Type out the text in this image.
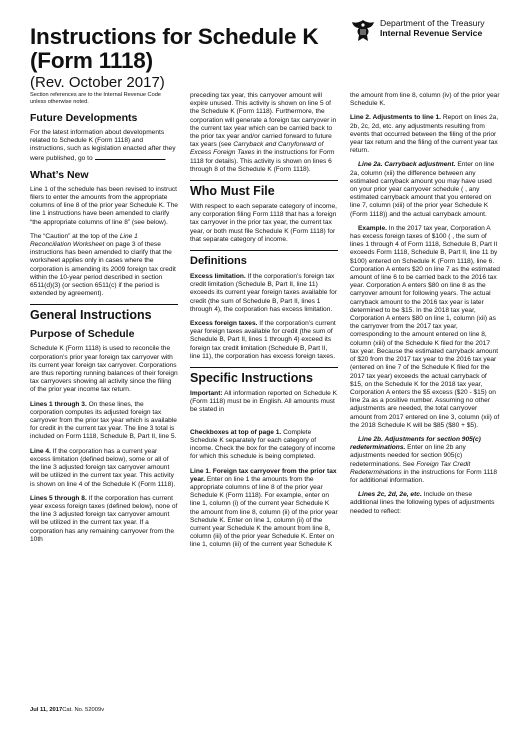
Instructions for Schedule K
(Form 1118)
(Rev. October 2017)
Department of the Treasury
Internal Revenue Service

Section references are to the Internal Revenue Code unless otherwise noted.

Future Developments

For the latest information about developments related to Schedule K (Form 1118) and instructions, such as legislation enacted after they were published, go to	.

What’s New

Line 1 of the schedule has been revised to instruct filers to enter the amounts from the appropriate columns of line 8 of the prior year Schedule K. The line 1 instructions have been amended to clarify “the appropriate columns of line 8” (see below).

The “Caution” at the top of the Line 1 Reconciliation Worksheet on page 3 of these instructions has been amended to clarify that the worksheet applies only in cases where the corporation is amending its 2009 foreign tax credit within the 10-year period described in section 6511(d)(3) (or section 6511(c) if the period is extended by agreement).

General Instructions
Purpose of Schedule

Schedule K (Form 1118) is used to reconcile the corporation’s prior year foreign tax carryover with its current year foreign tax carryover. Corporations are thus reporting running balances of their foreign tax carryovers showing all activity since the filing of the prior year income tax return.

Lines 1 through 3. On these lines, the corporation computes its adjusted foreign tax carryover from the prior tax year which is available for credit in the current tax year. The line 3 total is included on Form 1118, Schedule B, Part II, line 5.

Line 4. If the corporation has a current year excess limitation (defined below), some or all of the line 3 adjusted foreign tax carryover amount will be utilized in the current tax year. This activity is shown on line 4 of the Schedule K (Form 1118).

Lines 5 through 8. If the corporation has current year excess foreign taxes (defined below), none of the line 3 adjusted foreign tax carryover amount will be utilized in the current tax year. If a corporation has any remaining carryover from the 10th

preceding tax year, this carryover amount will expire unused. This activity is shown on line 5 of the Schedule K (Form 1118). Furthermore, the corporation will generate a foreign tax carryover in the current tax year which can be carried back to the prior tax year and/or carried forward to future tax years (see Carryback and Carryforward of Excess Foreign Taxes in the instructions for Form 1118 for details). This activity is shown on lines 6 through 8 of the Schedule K (Form 1118).

Who Must File

With respect to each separate category of income, any corporation filing Form 1118 that has a foreign tax carryover in the prior tax year, the current tax year, or both must file Schedule K (Form 1118) for that separate category of income.

Definitions

Excess limitation. If the corporation’s foreign tax credit limitation (Schedule B, Part II, line 11) exceeds its current year foreign taxes available for credit (the sum of Schedule B, Part II, lines 1 through 4), the corporation has excess limitation.

Excess foreign taxes. If the corporation’s current year foreign taxes available for credit (the sum of Schedule B, Part II, lines 1 through 4) exceed its foreign tax credit limitation (Schedule B, Part II, line 11), the corporation has excess foreign taxes.

Specific Instructions

Important: All information reported on Schedule K (Form 1118) must be in English. All amounts must be stated in

Checkboxes at top of page 1. Complete Schedule K separately for each category of income. Check the box for the category of income for which this schedule is being completed.

Line 1. Foreign tax carryover from the prior tax year. Enter on line 1 the amounts from the appropriate columns of line 8 of the prior year Schedule K (Form 1118). For example, enter on line 1, column (i) of the current year Schedule K the amount from line 8, column (ii) of the prior year Schedule K. Enter on line 1, column (ii) of the current year Schedule K the amount from line 8, column (iii) of the prior year Schedule K. Enter on line 1, column (iii) of the current year Schedule K

the amount from line 8, column (iv) of the prior year Schedule K.

Line 2. Adjustments to line 1. Report on lines 2a, 2b, 2c, 2d, etc. any adjustments resulting from events that occurred between the filing of the prior year tax return and the filing of the current year tax return.

Line 2a. Carryback adjustment. Enter on line 2a, column (xii) the difference between any estimated carryback amount you may have used on your prior year carryover schedule ( , any estimated carryback amount that you entered on line 7, column (xiii) of the prior year Schedule K (Form 1118)) and the actual carryback amount.

Example. In the 2017 tax year, Corporation A has excess foreign taxes of $100 ( , the sum of lines 1 through 4 of Form 1118, Schedule B, Part II exceeds Form 1118, Schedule B, Part II, line 11 by $100) entered on Schedule K (Form 1118), line 6. Corporation A enters $20 on line 7 as the estimated amount of line 6 to be carried back to the 2016 tax year. Corporation A enters $80 on line 8 as the carryover amount for following years. The actual carryback amount to the 2016 tax year is later determined to be $15. In the 2018 tax year, Corporation A enters $80 on line 1, column (xii) as the carryover from the 2017 tax year, corresponding to the amount entered on line 8, column (xiii) of the Schedule K filed for the 2017 tax year. Because the estimated carryback amount of $20 from the 2017 tax year to the 2016 tax year (entered on line 7 of the Schedule K filed for the 2017 tax year) exceeds the actual carryback of $15, on the Schedule K for the 2018 tax year, Corporation A enters the $5 excess ($20 - $15) on line 2a as a positive number. Assuming no other adjustments are needed, the total carryover amount from 2017 entered on line 3, column (xii) of the 2018 Schedule K will be $85 ($80 + $5).

Line 2b. Adjustments for section 905(c) redeterminations. Enter on line 2b any adjustments needed for section 905(c) redeterminations. See Foreign Tax Credit Redeterminations in the instructions for Form 1118 for additional information.

Lines 2c, 2d, 2e, etc. Include on these additional lines the following types of adjustments needed to reflect:

Jul 11, 2017Cat. No. 52009v
